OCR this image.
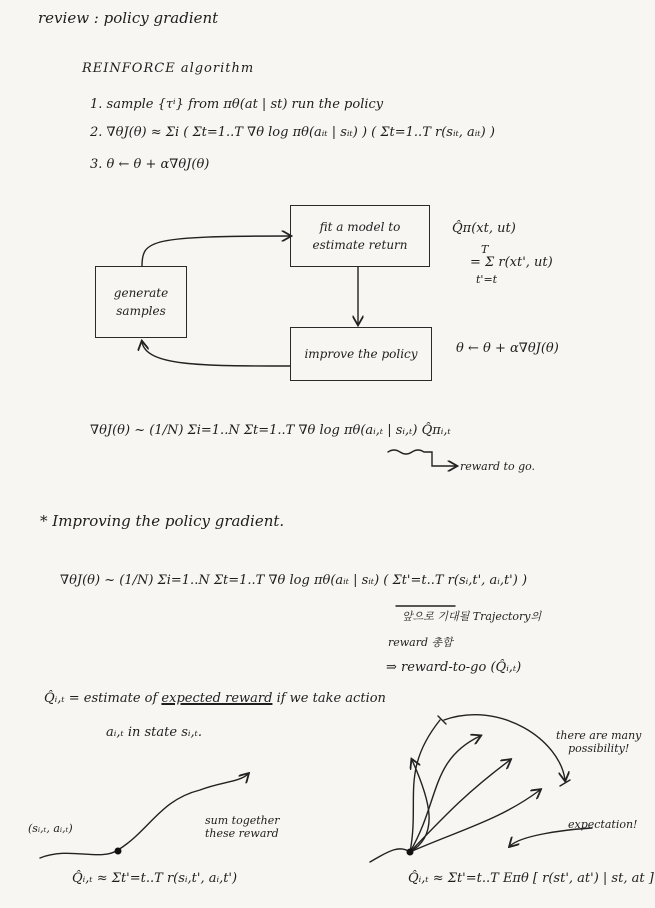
review : policy gradient
REINFORCE algorithm
1. sample {τⁱ} from πθ(at | st) run the policy
2. ∇θJ(θ) ≈ Σi ( Σt=1..T ∇θ log πθ(aᵢₜ | sᵢₜ) ) ( Σt=1..T r(sᵢₜ, aᵢₜ) )
3. θ ← θ + α∇θJ(θ)
fit a model to
estimate return
generate
samples
improve the policy
Q̂π(xt, ut)
T
= Σ r(xt', ut)
t'=t
θ ← θ + α∇θJ(θ)
∇θJ(θ) ~ (1/N) Σi=1..N Σt=1..T ∇θ log πθ(aᵢ,ₜ | sᵢ,ₜ) Q̂πᵢ,ₜ
reward to go.
* Improving the policy gradient.
∇θJ(θ) ~ (1/N) Σi=1..N Σt=1..T ∇θ log πθ(aᵢₜ | sᵢₜ) ( Σt'=t..T r(sᵢ,t', aᵢ,t') )
앞으로 기대될 Trajectory의
reward 총합
⇒ reward-to-go (Q̂ᵢ,ₜ)
Q̂ᵢ,ₜ = estimate of expected reward if we take action
aᵢ,ₜ in state sᵢ,ₜ.
(sᵢ,ₜ, aᵢ,ₜ)
sum together
these reward
Q̂ᵢ,ₜ ≈ Σt'=t..T r(sᵢ,t', aᵢ,t')
there are many
possibility!
expectation!
Q̂ᵢ,ₜ ≈ Σt'=t..T Eπθ [ r(st', at') | st, at ]
